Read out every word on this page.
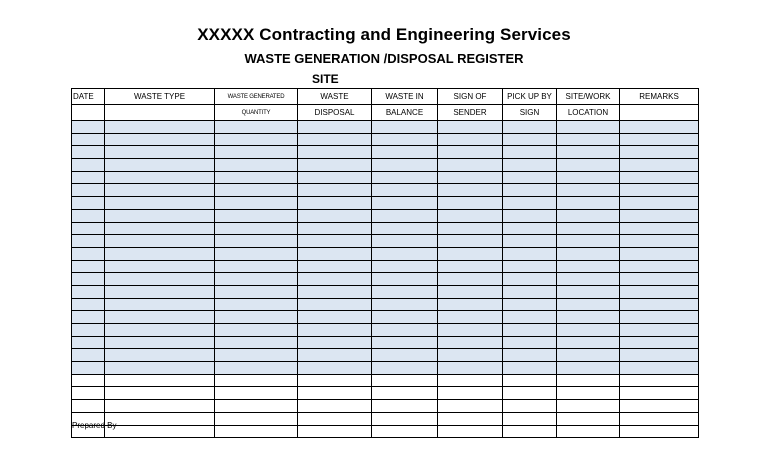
XXXXX Contracting and Engineering Services
WASTE GENERATION /DISPOSAL REGISTER
SITE
DATE	WASTE TYPE	WASTE GENERATED	WASTE	WASTE IN	SIGN OF	PICK UP BY	SITE/WORK	REMARKS
		QUANTITY	DISPOSAL	BALANCE	SENDER	SIGN	LOCATION	

Prepared By
